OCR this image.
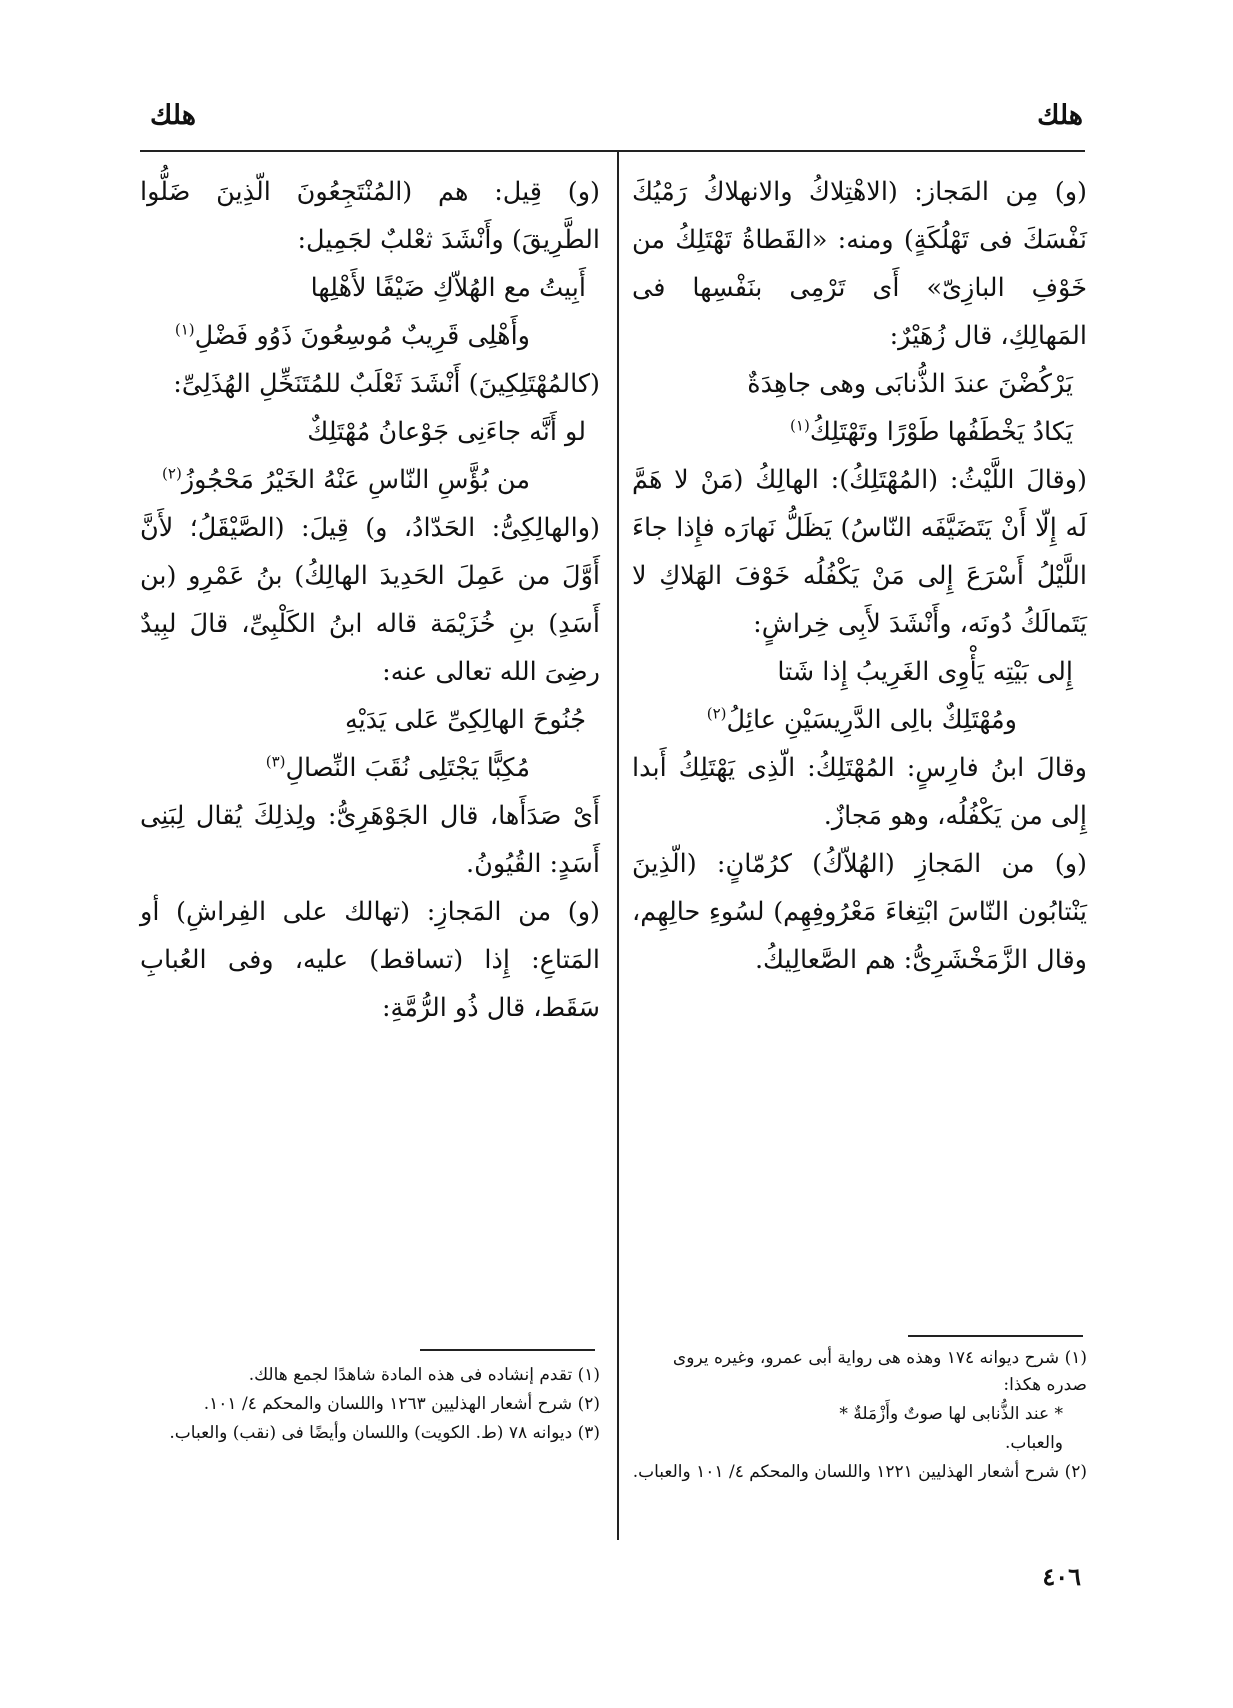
هلك
هلك

(و) مِن المَجاز: (الاهْتِلاكُ والانهلاكُ رَمْيُكَ نَفْسَكَ فى تَهْلُكَةٍ) ومنه: «القَطاةُ تَهْتَلِكُ من خَوْفِ البازِىّ» أَى تَرْمِى بنَفْسِها فى المَهالِكِ، قال زُهَيْرٌ:

يَرْكُضْنَ عندَ الذُّنابَى وهى جاهِدَةٌ

يَكادُ يَخْطَفُها طَوْرًا وتَهْتَلِكُ$^{(١)}$

(وقالَ اللَّيْثُ: (المُهْتَلِكُ): الهالِكُ (مَنْ لا هَمَّ لَه إِلّا أَنْ يَتَضَيَّفَه النّاسُ) يَظَلُّ نَهارَه فإِذا جاءَ اللَّيْلُ أَسْرَعَ إِلى مَنْ يَكْفُلُه خَوْفَ الهَلاكِ لا يَتَمالَكُ دُونَه، وأَنْشَدَ لأَبِى خِراشٍ:

إِلى بَيْتِه يَأْوِى الغَرِيبُ إِذا شَتا

ومُهْتَلِكٌ بالِى الدَّرِيسَيْنِ عائِلُ$^{(٢)}$

وقالَ ابنُ فارِسٍ: المُهْتَلِكُ: الّذِى يَهْتَلِكُ أَبدا إِلى من يَكْفُلُه، وهو مَجازٌ.

(و) من المَجازِ (الهُلاّكُ) كرُمّانٍ: (الّذِينَ يَنْتابُون النّاسَ ابْتِغاءَ مَعْرُوفِهِم) لسُوءِ حالِهِم، وقال الزَّمَخْشَرِىُّ: هم الصَّعالِيكُ.

(و) قِيل: هم (المُنْتَجِعُونَ الّذِينَ ضَلُّوا الطَّرِيقَ) وأَنْشَدَ ثعْلبٌ لجَمِيل:

أَبِيتُ مع الهُلاّكِ ضَيْفًا لأَهْلِها

وأَهْلِى قَرِيبٌ مُوسِعُونَ ذَوُو فَضْلِ$^{(١)}$

(كالمُهْتَلِكِينَ) أَنْشَدَ ثَعْلَبٌ للمُتَنَخِّلِ الهُذَلِىِّ:

لو أَنَّه جاءَنِى جَوْعانُ مُهْتَلِكٌ

من بُؤَّسِ النّاسِ عَنْهُ الخَيْرُ مَحْجُوزُ$^{(٢)}$

(والهالِكِىُّ: الحَدّادُ، و) قِيلَ: (الصَّيْقَلُ؛ لأَنَّ أَوَّلَ من عَمِلَ الحَدِيدَ الهالِكُ) بنُ عَمْرِو (بن أَسَدِ) بنِ خُزَيْمَة قاله ابنُ الكَلْبِىِّ، قالَ لبِيدٌ رضِىَ الله تعالى عنه:

جُنُوحَ الهالِكِىِّ عَلى يَدَيْهِ

مُكِبًّا يَجْتَلِى نُقَبَ النِّصالِ$^{(٣)}$

أَىْ صَدَأَها، قال الجَوْهَرِىُّ: ولِذلِكَ يُقال لِبَنِى أَسَدٍ: القُيُونُ.

(و) من المَجازِ: (تهالك على الفِراشِ) أو المَتاعِ: إِذا (تساقط) عليه، وفى العُبابِ سَقَط، قال ذُو الرُّمَّةِ:

(١) شرح ديوانه ١٧٤ وهذه هى رواية أبى عمرو، وغيره يروى صدره هكذا:

* عند الذُّنابى لها صوتٌ وأَزْمَلةٌ *

والعباب.

(٢) شرح أشعار الهذليين ١٢٢١ واللسان والمحكم ٤/ ١٠١ والعباب.

(١) تقدم إنشاده فى هذه المادة شاهدًا لجمع هالك.

(٢) شرح أشعار الهذليين ١٢٦٣ واللسان والمحكم ٤/ ١٠١.

(٣) ديوانه ٧٨ (ط. الكويت) واللسان وأيضًا فى (نقب) والعباب.

٤٠٦
